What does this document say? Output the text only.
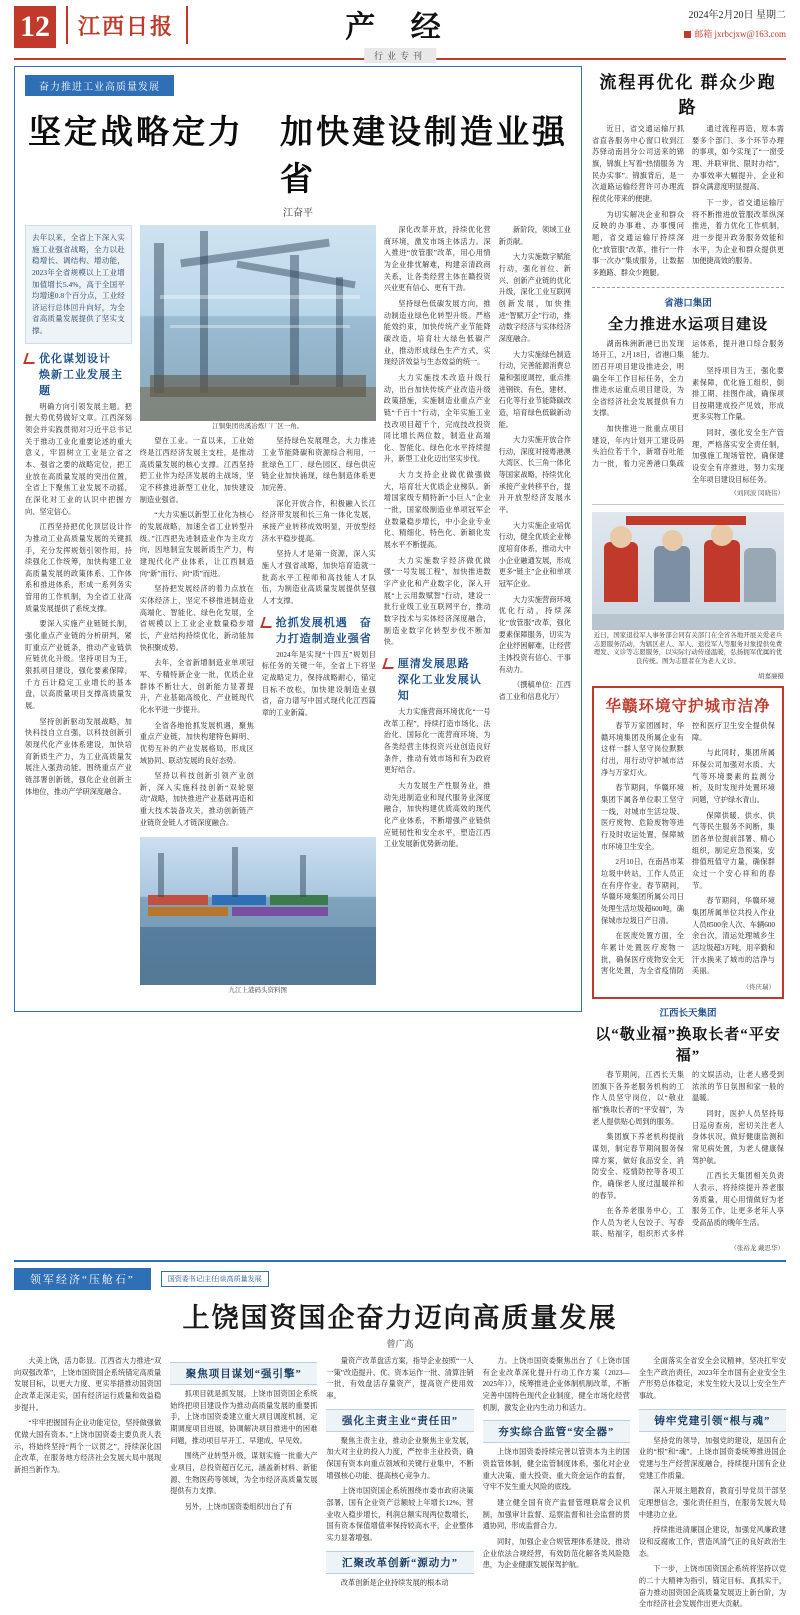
12	江西日报	产 经
行业专刊
2024年2月20日 星期二
邮箱 jxrbcjxw@163.com
奋力推进工业高质量发展
坚定战略定力　加快建设制造业强省
江奋平
去年以来，全省上下深入实施工业强省战略，全力以赴稳增长、调结构、增动能，2023年全省规模以上工业增加值增长5.4%，高于全国平均增速0.8个百分点，工业经济运行总体回升向好，为全省高质量发展提供了坚实支撑。
优化谋划设计　焕新工业发展主题

明确方向引领发展主题。把握大势优势做好文章。江西深刻领会并实践贯彻对习近平总书记关于推动工业化重要论述的重大意义，牢固树立工业是立省之本、强省之要的战略定位，把工业放在高质量发展的突出位置，全省上下聚焦工业发展不动摇，在深化对工业的认识中把握方向、坚定信心。

江西坚持把优化顶层设计作为推动工业高质量发展的关键抓手，充分发挥规划引领作用，持续强化工作统筹，加快构建工业高质量发展的政策体系、工作体系和推进体系，形成一系列务实管用的工作机制，为全省工业高质量发展提供了系统支撑。

要深入实施产业链链长制，强化重点产业链的分析研判，紧盯重点产业链条，推动产业链供应链优化升级。坚持项目为王，狠抓项目建设，强化要素保障，千方百计稳定工业增长的基本盘，以高质量项目支撑高质量发展。

坚持创新驱动发展战略，加快科技自立自强，以科技创新引领现代化产业体系建设，加快培育新质生产力，为工业高质量发展注入强劲动能。围绕重点产业链部署创新链，强化企业创新主体地位，推动产学研深度融合。

江铜集团贵溪冶炼厂厂区一角。

望在工业。一直以来，工业始终是江西经济发展主支柱，是推动高质量发展的核心支撑。江西坚持把工业作为经济发展的主战场，坚定不移推进新型工业化，加快建设制造业强省。

“大力实施以新型工业化为核心的发展战略，加速全省工业转型升级。”江西把先进制造业作为主攻方向，因地制宜发展新质生产力，构建现代化产业体系，让江西制造向“新”而行、向“质”而进。

坚持把发展经济的着力点放在实体经济上，坚定不移推进制造业高端化、智能化、绿色化发展，全省规模以上工业企业数量稳步增长，产业结构持续优化，新动能加快积聚成势。

去年，全省新增制造业单项冠军、专精特新企业一批，优质企业群体不断壮大，创新能力显著提升，产业基础高级化、产业链现代化水平进一步提升。

全省各地抢抓发展机遇，聚焦重点产业链，加快构建特色鲜明、优势互补的产业发展格局，形成区域协同、联动发展的良好态势。

坚持以科技创新引领产业创新，深入实施科技创新“双轮驱动”战略，加快推进产业基础再造和重大技术装备攻关，推动创新链产业链资金链人才链深度融合。

坚持绿色发展理念，大力推进工业节能降碳和资源综合利用，一批绿色工厂、绿色园区、绿色供应链企业加快涌现，绿色制造体系更加完善。

深化开放合作，积极融入长江经济带发展和长三角一体化发展，承接产业转移成效明显，开放型经济水平稳步提高。

坚持人才是第一资源，深入实施人才强省战略，加快培育造就一批高水平工程师和高技能人才队伍，为制造业高质量发展提供坚强人才支撑。

抢抓发展机遇　奋力打造制造业强省

2024年是实现“十四五”规划目标任务的关键一年，全省上下将坚定战略定力，保持战略耐心，锚定目标不放松，加快建设制造业强省，奋力谱写中国式现代化江西篇章的工业新篇。

九江上港码头资料图

深化改革开放，持续优化营商环境，激发市场主体活力。深入推进“放管服”改革，用心用情为企业排忧解难，构建亲清政商关系，让各类经营主体在赣投资兴业更有信心、更有干劲。

坚持绿色低碳发展方向，推动制造业绿色化转型升级。严格能效约束，加快传统产业节能降碳改造，培育壮大绿色低碳产业，推动形成绿色生产方式，实现经济效益与生态效益的统一。

大力实施技术改造升级行动，出台加快传统产业改造升级政策措施，实施制造业重点产业链“千百十”行动，全年实施工业技改项目超千个，完成技改投资同比增长两位数，制造业高端化、智能化、绿色化水平持续提升，新型工业化迈出坚实步伐。

大力支持企业做优做强做大，培育壮大优质企业梯队。新增国家级专精特新“小巨人”企业一批，国家级制造业单项冠军企业数量稳步增长，中小企业专业化、精细化、特色化、新颖化发展水平不断提高。

大力实施数字经济做优做强“一号发展工程”，加快推进数字产业化和产业数字化，深入开展“上云用数赋智”行动，建设一批行业级工业互联网平台，推动数字技术与实体经济深度融合，制造业数字化转型步伐不断加快。

厘清发展思路　深化工业发展认知

大力实施营商环境优化“一号改革工程”，持续打造市场化、法治化、国际化一流营商环境，为各类经营主体投资兴业创造良好条件，推动有效市场和有为政府更好结合。

大力发展生产性服务业，推动先进制造业和现代服务业深度融合，加快构建优质高效的现代化产业体系，不断增强产业链供应链韧性和安全水平，塑造江西工业发展新优势新动能。

新阶段，领域工业新贡献。

大力实施数字赋能行动，强化首位、新兴、创新产业链的优化升级，深化工业互联网创新发展，加快推进“智赋万企”行动，推动数字经济与实体经济深度融合。

大力实施绿色制造行动，完善能源消费总量和强度调控，重点推进钢铁、有色、建材、石化等行业节能降碳改造，培育绿色低碳新动能。

大力实施开放合作行动，深度对接粤港澳大湾区、长三角一体化等国家战略，持续优化承接产业转移平台，提升开放型经济发展水平。

大力实施企业培优行动，健全优质企业梯度培育体系，推动大中小企业融通发展，形成更多“链主”企业和单项冠军企业。

大力实施营商环境优化行动，持续深化“放管服”改革，强化要素保障服务，切实为企业纾困解难，让经营主体投资有信心、干事有动力。

（撰稿单位：江西省工业和信息化厅）

流程再优化 群众少跑路

近日，省交通运输厅抓省直各服务中心窗口收到江苏驿动南昌分公司送来的锦旗，锦旗上写着“热情服务 为民办实事”。锦旗背后，是一次道路运输经营许可办理流程优化带来的便捷。

为切实解决企业和群众反映的办事难、办事慢问题，省交通运输厅持续深化“放管服”改革，推行“一件事一次办”集成服务，让数据多跑路、群众少跑腿。

通过流程再造，原本需要多个部门、多个环节办理的事项，如今实现了“一窗受理、并联审批、限时办结”，办事效率大幅提升，企业和群众满意度明显提高。

下一步，省交通运输厅将不断推进放管服改革纵深推进，着力优化工作机制，进一步提升政务服务效能和水平，为企业和群众提供更加便捷高效的服务。

省港口集团
全力推进水运项目建设

湖南株洲新港已出发现场开工，2月18日，省港口集团召开项目建设推进会，明确全年工作目标任务，全力推进水运重点项目建设，为全省经济社会发展提供有力支撑。

加快推进一批重点项目建设，年内计划开工建设码头泊位若干个，新增吞吐能力一批，着力完善港口集疏运体系，提升港口综合服务能力。

坚持项目为王，强化要素保障，优化施工组织，倒排工期、挂图作战，确保项目按期建成投产见效，形成更多实物工作量。

同时，强化安全生产管理，严格落实安全责任制，加强施工现场管控，确保建设安全有序推进，努力实现全年项目建设目标任务。

（刘同波 闵晓伟）
近日，国家退役军人事务部会同有关部门在全省各地开展关爱老兵志愿服务活动，为辖区老人、军人、退役军人等服务对象提供免费理发、义诊等志愿服务，以实际行动传递温暖，弘扬拥军优属的优良传统。图为志愿者在为老人义诊。
胡嘉廉摄
华赣环境守护城市洁净

春节万家团圆时，华赣环境集团及所属企业有这样一群人坚守岗位默默付出，用行动守护城市洁净与万家灯火。

春节期间，华赣环境集团下属各单位职工坚守一线，对城市生活垃圾、医疗废物、危险废物等进行及时收运处置，保障城市环境卫生安全。

2月10日，在南昌市某垃圾中转站，工作人员正在有序作业。春节期间，华赣环境集团所属公司日处理生活垃圾超600吨，确保城市垃圾日产日清。

在医废处置方面，全年累计处置医疗废物一批，确保医疗废物安全无害化处置，为全省疫情防控和医疗卫生安全提供保障。

与此同时，集团所属环保公司加强对水质、大气等环境要素的监测分析，及时发现并处置环境问题，守护绿水青山。

保障供暖、供水、供气等民生服务不间断，集团各单位提前部署、精心组织，制定应急预案，安排值班值守力量，确保群众过一个安心祥和的春节。

春节期间，华赣环境集团所属单位共投入作业人员8500余人次、车辆600余台次，清运处理城乡生活垃圾超3万吨，用辛勤和汗水换来了城市的洁净与美丽。

（佟庆瑞）
江西长天集团
以“敬业福”换取长者“平安福”

春节期间，江西长天集团旗下各养老服务机构的工作人员坚守岗位，以“敬业福”换取长者的“平安福”，为老人提供贴心周到的服务。

集团旗下养老机构提前谋划，制定春节期间服务保障方案，做好食品安全、消防安全、疫情防控等各项工作，确保老人度过温暖祥和的春节。

在各养老服务中心，工作人员为老人包饺子、写春联、贴福字，组织形式多样的文娱活动，让老人感受到浓浓的节日氛围和家一般的温暖。

同时，医护人员坚持每日巡房查房，密切关注老人身体状况，做好健康监测和常见病处置，为老人健康保驾护航。

江西长天集团相关负责人表示，将持续提升养老服务质量，用心用情做好为老服务工作，让更多老年人享受高品质的晚年生活。

（张裕龙 戴思华）
领军经济“压舱石”	国资委书记|主任|谈高质量发展
上饶国资国企奋力迈向高质量发展
曾广高

大美上饶，活力彰显。江西省大力推进“双向双强改革”，上饶市国资国企系统锚定高质量发展目标，以更大力度、更实举措推动国资国企改革走深走实，国有经济运行质量和效益稳步提升。

“牢牢把握国有企业功能定位，坚持做强做优做大国有资本。”上饶市国资委主要负责人表示，将始终坚持“两个一以贯之”，持续深化国企改革，在服务地方经济社会发展大局中展现新担当新作为。

聚焦项目谋划“强引擎”

抓项目就是抓发展，上饶市国资国企系统始终把项目建设作为推动高质量发展的重要抓手，上饶市国资委建立重大项目调度机制，定期调度项目进展，协调解决项目推进中的困难问题，推动项目早开工、早建成、早见效。

围绕产业转型升级，谋划实施一批重大产业项目，总投资超百亿元，涵盖新材料、新能源、生物医药等领域，为全市经济高质量发展提供有力支撑。

另外，上饶市国资委组织出台了有

量资产改革盘活方案，指导企业按照“一人一策”改造提升、优、资本运作一批、清算注销一批，有效盘活存量资产，提高资产使用效率。

强化主责主业“责任田”

聚焦主责主业，推动企业聚焦主业发展，加大对主业的投入力度，严控非主业投资，确保国有资本向重点领域和关键行业集中，不断增强核心功能、提高核心竞争力。

上饶市国资国企系统围绕市委市政府决策部署，国有企业资产总额较上年增长12%，营业收入稳步增长，利润总额实现两位数增长，国有资本保值增值率保持较高水平，企业整体实力显著增强。

汇聚改革创新“源动力”

改革创新是企业持续发展的根本动

力。上饶市国资委聚焦出台了《上饶市国有企业改革深化提升行动工作方案（2023—2025年）》，统筹推进企业体制机制改革，不断完善中国特色现代企业制度，健全市场化经营机制，激发企业内生动力和活力。

夯实综合监管“安全器”

上饶市国资委持续完善以管资本为主的国资监管体制，健全监管制度体系，强化对企业重大决策、重大投资、重大资金运作的监督，守牢不发生重大风险的底线。

建立健全国有资产监督管理联席会议机制，加强审计监督、巡察监督和社会监督的贯通协同，形成监督合力。

同时，加强企业合规管理体系建设，推动企业依法合规经营，有效防范化解各类风险隐患，为企业健康发展保驾护航。

全面落实全省安全会议精神，坚决扛牢安全生产政治责任，2023年全市国有企业安全生产形势总体稳定，未发生较大及以上安全生产事故。

铸牢党建引领“根与魂”

坚持党的领导，加强党的建设，是国有企业的“根”和“魂”。上饶市国资委统筹推进国企党建与生产经营深度融合，持续提升国有企业党建工作质量。

深入开展主题教育，教育引导党员干部坚定理想信念，强化责任担当，在服务发展大局中建功立业。

持续推进清廉国企建设，加强党风廉政建设和反腐败工作，营造风清气正的良好政治生态。

下一步，上饶市国资国企系统将坚持以党的二十大精神为指引，锚定目标、真抓实干，奋力推动国资国企高质量发展迈上新台阶，为全市经济社会发展作出更大贡献。
